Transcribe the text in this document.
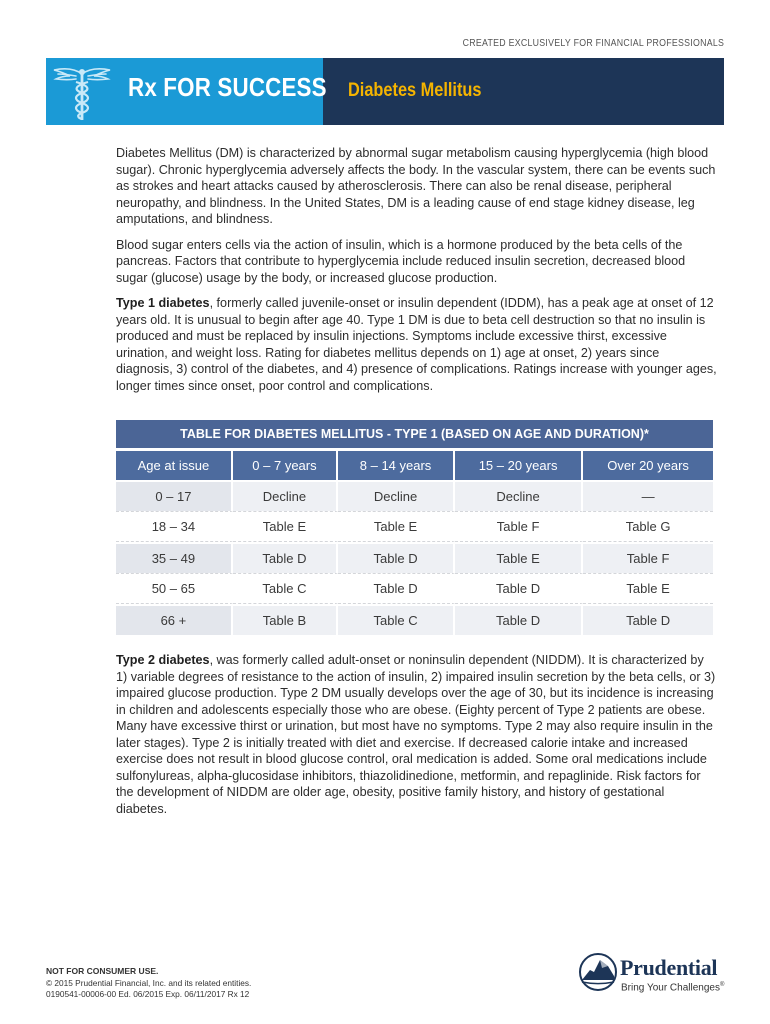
CREATED EXCLUSIVELY FOR FINANCIAL PROFESSIONALS
Rx FOR SUCCESS Diabetes Mellitus

Diabetes Mellitus (DM) is characterized by abnormal sugar metabolism causing hyperglycemia (high blood sugar). Chronic hyperglycemia adversely affects the body. In the vascular system, there can be events such as strokes and heart attacks caused by atherosclerosis. There can also be renal disease, peripheral neuropathy, and blindness. In the United States, DM is a leading cause of end stage kidney disease, leg amputations, and blindness.

Blood sugar enters cells via the action of insulin, which is a hormone produced by the beta cells of the pancreas. Factors that contribute to hyperglycemia include reduced insulin secretion, decreased blood sugar (glucose) usage by the body, or increased glucose production.

Type 1 diabetes, formerly called juvenile-onset or insulin dependent (IDDM), has a peak age at onset of 12 years old. It is unusual to begin after age 40. Type 1 DM is due to beta cell destruction so that no insulin is produced and must be replaced by insulin injections. Symptoms include excessive thirst, excessive urination, and weight loss. Rating for diabetes mellitus depends on 1) age at onset, 2) years since diagnosis, 3) control of the diabetes, and 4) presence of complications. Ratings increase with younger ages, longer times since onset, poor control and complications.

TABLE FOR DIABETES MELLITUS - TYPE 1 (BASED ON AGE AND DURATION)*				
Age at issue	0 – 7 years	8 – 14 years	15 – 20 years	Over 20 years
0 – 17	Decline	Decline	Decline	—
18 – 34	Table E	Table E	Table F	Table G
35 – 49	Table D	Table D	Table E	Table F
50 – 65	Table C	Table D	Table D	Table E
66 +	Table B	Table C	Table D	Table D

Type 2 diabetes, was formerly called adult-onset or noninsulin dependent (NIDDM). It is characterized by 1) variable degrees of resistance to the action of insulin, 2) impaired insulin secretion by the beta cells, or 3) impaired glucose production. Type 2 DM usually develops over the age of 30, but its incidence is increasing in children and adolescents especially those who are obese. (Eighty percent of Type 2 patients are obese. Many have excessive thirst or urination, but most have no symptoms. Type 2 may also require insulin in the later stages). Type 2 is initially treated with diet and exercise. If decreased calorie intake and increased exercise does not result in blood glucose control, oral medication is added. Some oral medications include sulfonylureas, alpha-glucosidase inhibitors, thiazolidinedione, metformin, and repaglinide. Risk factors for the development of NIDDM are older age, obesity, positive family history, and history of gestational diabetes.

NOT FOR CONSUMER USE.
© 2015 Prudential Financial, Inc. and its related entities.
0190541-00006-00 Ed. 06/2015 Exp. 06/11/2017 Rx 12
Prudential
Bring Your Challenges®
